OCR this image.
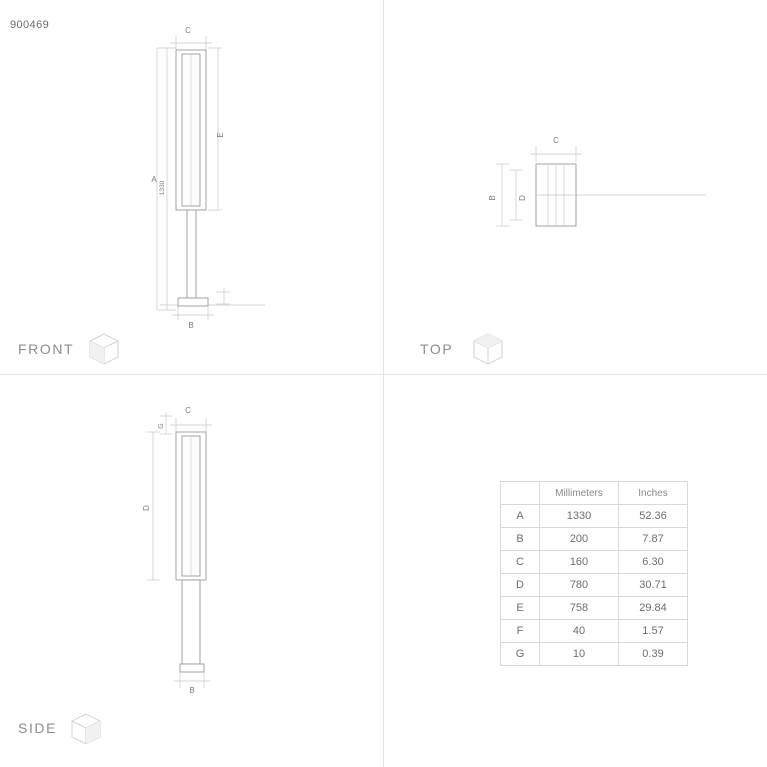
900469	C
A
1330
E
B
C
B	D
C
G
D
B
FRONT	TOP
SIDE
	Millimeters	Inches
A	1330	52.36
B	200	7.87
C	160	6.30
D	780	30.71
E	758	29.84
F	40	1.57
G	10	0.39
